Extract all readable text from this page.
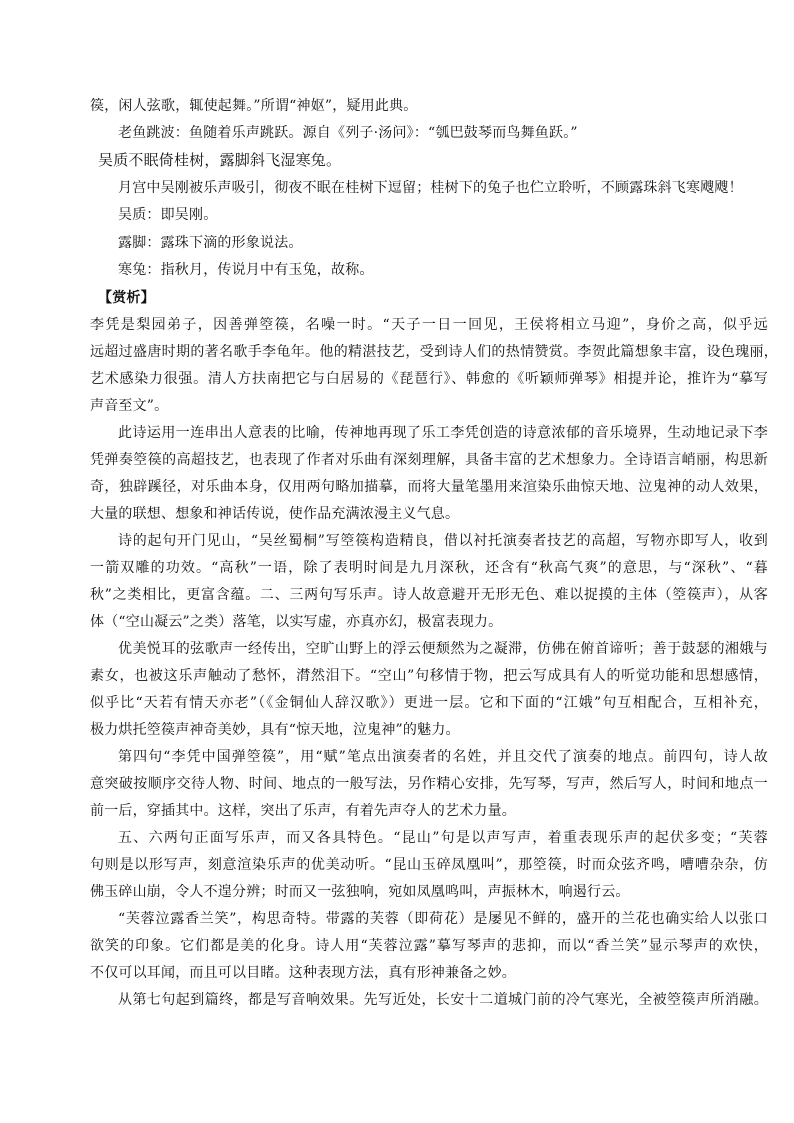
篌，闲人弦歌，辄使起舞。”所谓“神妪”，疑用此典。
老鱼跳波：鱼随着乐声跳跃。源自《列子·汤问》：“瓠巴鼓琴而鸟舞鱼跃。”
吴质不眠倚桂树，露脚斜飞湿寒兔。
月宫中吴刚被乐声吸引，彻夜不眠在桂树下逗留；桂树下的兔子也伫立聆听，不顾露珠斜飞寒飕飕！
吴质：即吴刚。
露脚：露珠下滴的形象说法。
寒兔：指秋月，传说月中有玉兔，故称。
【赏析】
李凭是梨园弟子，因善弹箜篌，名噪一时。“天子一日一回见，王侯将相立马迎”，身价之高，似乎远
远超过盛唐时期的著名歌手李龟年。他的精湛技艺，受到诗人们的热情赞赏。李贺此篇想象丰富，设色瑰丽，
艺术感染力很强。清人方扶南把它与白居易的《琵琶行》、韩愈的《听颖师弹琴》相提并论，推许为“摹写
声音至文”。
此诗运用一连串出人意表的比喻，传神地再现了乐工李凭创造的诗意浓郁的音乐境界，生动地记录下李
凭弹奏箜篌的高超技艺，也表现了作者对乐曲有深刻理解，具备丰富的艺术想象力。全诗语言峭丽，构思新
奇，独辟蹊径，对乐曲本身，仅用两句略加描摹，而将大量笔墨用来渲染乐曲惊天地、泣鬼神的动人效果，
大量的联想、想象和神话传说，使作品充满浓漫主义气息。
诗的起句开门见山，“吴丝蜀桐”写箜篌构造精良，借以衬托演奏者技艺的高超，写物亦即写人，收到
一箭双雕的功效。“高秋”一语，除了表明时间是九月深秋，还含有“秋高气爽”的意思，与“深秋”、“暮
秋”之类相比，更富含蕴。二、三两句写乐声。诗人故意避开无形无色、难以捉摸的主体（箜篌声），从客
体（“空山凝云”之类）落笔，以实写虚，亦真亦幻，极富表现力。
优美悦耳的弦歌声一经传出，空旷山野上的浮云便颓然为之凝滞，仿佛在俯首谛听；善于鼓瑟的湘娥与
素女，也被这乐声触动了愁怀，潸然泪下。“空山”句移情于物，把云写成具有人的听觉功能和思想感情，
似乎比“天若有情天亦老”（《金铜仙人辞汉歌》）更进一层。它和下面的“江娥”句互相配合，互相补充，
极力烘托箜篌声神奇美妙，具有“惊天地，泣鬼神”的魅力。
第四句“李凭中国弹箜篌”，用“赋”笔点出演奏者的名姓，并且交代了演奏的地点。前四句，诗人故
意突破按顺序交待人物、时间、地点的一般写法，另作精心安排，先写琴，写声，然后写人，时间和地点一
前一后，穿插其中。这样，突出了乐声，有着先声夺人的艺术力量。
五、六两句正面写乐声，而又各具特色。“昆山”句是以声写声，着重表现乐声的起伏多变；“芙蓉
句则是以形写声，刻意渲染乐声的优美动听。“昆山玉碎凤凰叫”，那箜篌，时而众弦齐鸣，嘈嘈杂杂，仿
佛玉碎山崩，令人不遑分辨；时而又一弦独响，宛如凤凰鸣叫，声振林木，响遏行云。
“芙蓉泣露香兰笑”，构思奇特。带露的芙蓉（即荷花）是屡见不鲜的，盛开的兰花也确实给人以张口
欲笑的印象。它们都是美的化身。诗人用“芙蓉泣露”摹写琴声的悲抑，而以“香兰笑”显示琴声的欢快，
不仅可以耳闻，而且可以目睹。这种表现方法，真有形神兼备之妙。
从第七句起到篇终，都是写音响效果。先写近处，长安十二道城门前的冷气寒光，全被箜篌声所消融。
